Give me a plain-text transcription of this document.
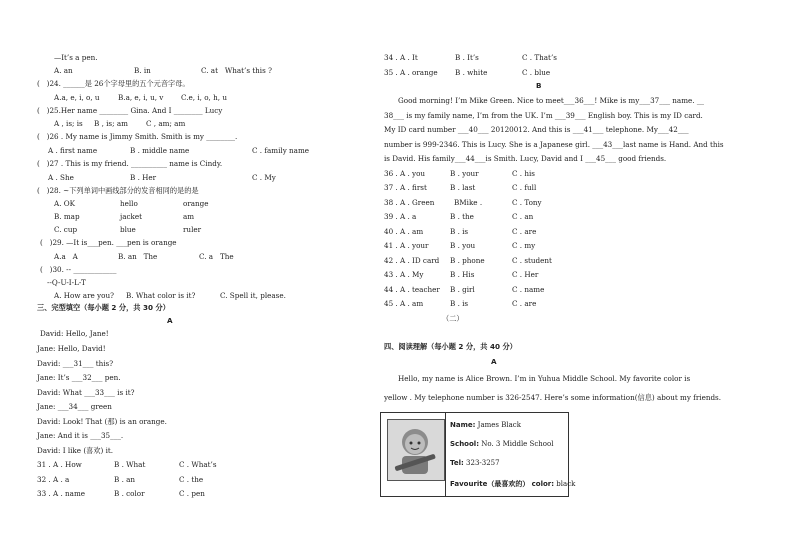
—It’s a pen.

A. an

	B. in

	C. at   What’s this ?

(   )24. ______是 26个字母里的五个元音字母。

A.a, e, i, o, u

	B.a, e, i, u, v

C.e, i, o, h, u

(   )25.Her name ________ Gina. And I ________ Lucy

A , is; is

B , is; am

	C , am; am

(   )26 . My name is Jimmy Smith. Smith is my ________.

A . first name

	B . middle name

	C . family name

(   )27 . This is my friend. __________ name is Cindy.

A . She

	B . Her

	C . My

(   )28. ~下列单词中画线部分的发音相同的是的是

A. OK

	hello

	orange

B. map

	jacket

	am

C. cup

	blue

	ruler

(   )29. —It is___pen. ___pen is orange

A.a   A

	B. an   The

	C. a   The

(   )30. -- ____________
--Q-U-I-L-T

A. How are you?

B. What color is it?

	C. Spell it, please.

三、完型填空（每小题 2 分，共 30 分）
A
David: Hello, Jane!
Jane: Hello, David!
David: ___31___ this?
Jane: It’s ___32___ pen.
David: What ___33___ is it?
Jane: ___34___ green
David: Look! That (那) is an orange.
Jane: And it is ___35___.
David: I like (喜欢) it.

31 . A . How

	B . What

	C . What’s

32 . A . a

	B . an

	C . the

33 . A . name

	B . color

	C . pen

34 . A . It

	B . It’s

	C . That’s

35 . A . orange

B . white

	C . blue

B
Good morning! I’m Mike Green. Nice to meet___36___! Mike is my___37___ name. __
38___ is my family name, I’m from the UK. I’m ___39___ English boy. This is my ID card.
My ID card number ___40___ 20120012. And this is ___41___ telephone. My___42___
number is 999-2346. This is Lucy. She is a Japanese girl. ___43___last name is Hand. And this
is David. His family___44___is Smith. Lucy, David and I ___45___ good friends.

36 . A . you

	B . your

	C . his

37 . A . first

	B . last

	C . full

38 . A . Green

	BMike .

	C . Tony

39 . A . a

	B . the

	C . an

40 . A . am

	B . is

	C . are

41 . A . your

	B . you

	C . my

42 . A . ID card

B . phone

	C . student

43 . A . My

	B . His

	C . Her

44 . A . teacher

B . girl

	C . name

45 . A . am

	B . is

	C . are

（二）
四、阅读理解（每小题 2 分，共 40 分）
A
Hello, my name is Alice Brown. I’m in Yuhua Middle School. My favorite color is
yellow . My telephone number is 326-2547. Here’s some information(信息) about my friends.
Name: James Black
School: No. 3 Middle School
Tel: 323-3257
Favourite（最喜欢的） color: black
